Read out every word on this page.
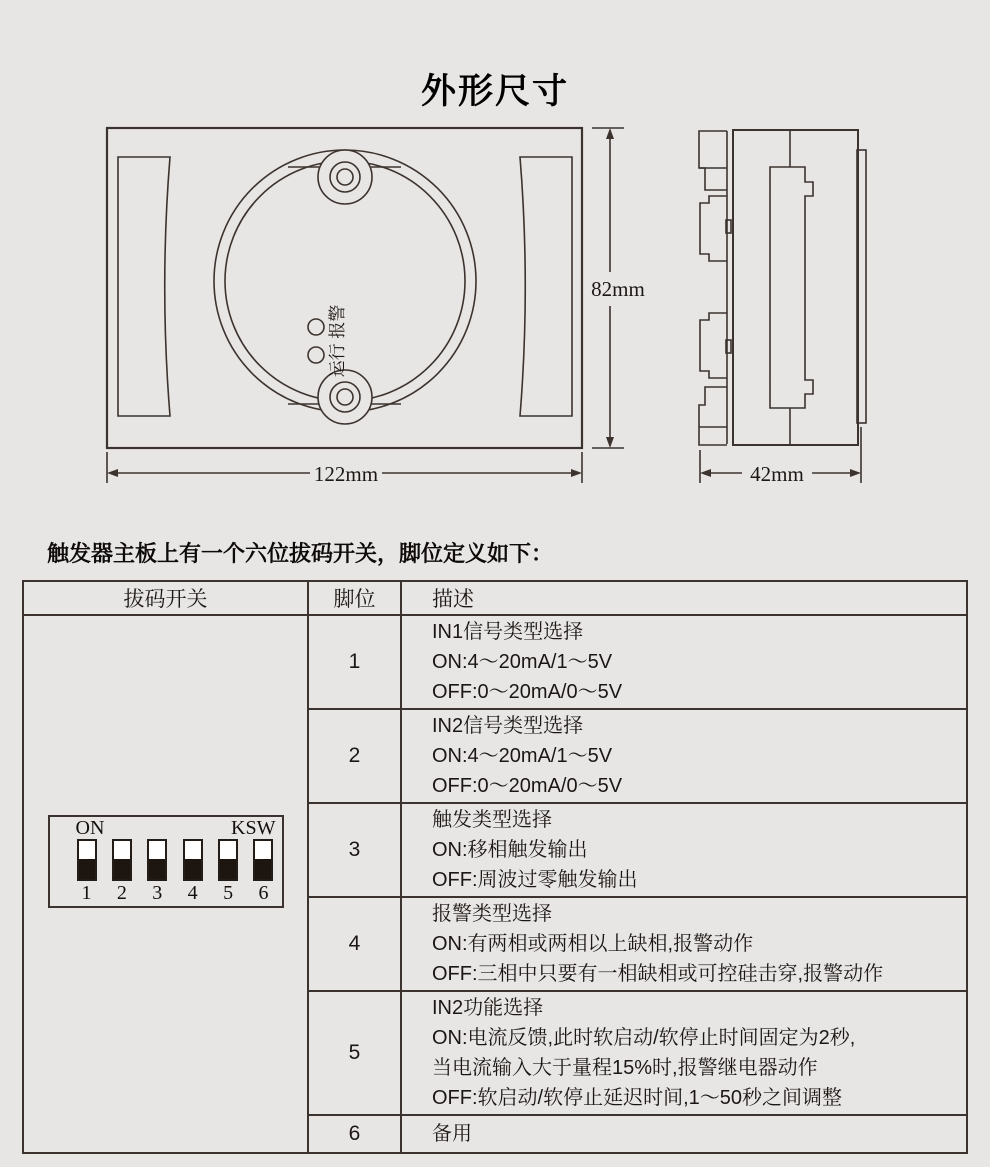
外形尺寸
运行 报警
82mm
122mm	42mm

触发器主板上有一个六位拔码开关，脚位定义如下：

拔码开关	脚位	描述

ON	KSW
1 2 3 4 5 6
	1	
IN1信号类型选择
ON:4～20mA/1～5V
OFF:0～20mA/0～5V

	2	IN2信号类型选择
ON:4～20mA/1～5V
OFF:0～20mA/0～5V

	3	触发类型选择
ON:移相触发输出
OFF:周波过零触发输出

	4	报警类型选择
ON:有两相或两相以上缺相,报警动作
OFF:三相中只要有一相缺相或可控硅击穿,报警动作

	5	IN2功能选择
ON:电流反馈,此时软启动/软停止时间固定为2秒,
当电流输入大于量程15%时,报警继电器动作
OFF:软启动/软停止延迟时间,1～50秒之间调整

	6	备用
